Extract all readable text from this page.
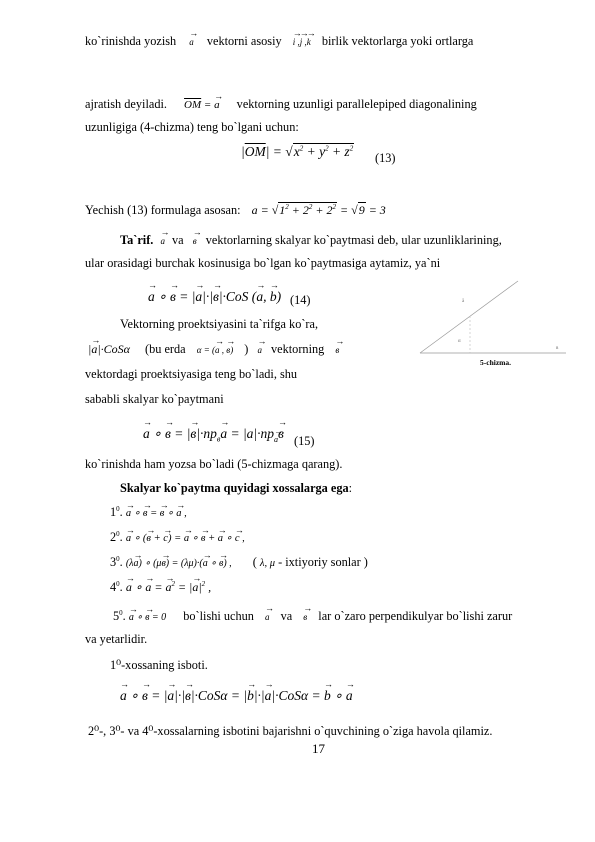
ko`rinishda yozish → a vektorni asosiy → i ,→ j ,→ k birlik vektorlarga yoki ortlarga
ajratish deyiladi. $\overline{OM}$ = → a vektorning uzunligi parallelepiped diagonalining
uzunligiga (4-chizma) teng bo`lgani uchun:
$|\overline{OM}| = √x^2 + y^2 + z^2$
(13)
Yechish (13) formulaga asosan: $a = √1^2 + 2^2 + 2^2 = √9 = 3$
Ta`rif. → a va → в vektorlarning skalyar ko`paytmasi deb, ular uzunliklarining,
ular orasidagi burchak kosinusiga bo`lgan ko`paytmasiga aytamiz, ya`ni
→ a ∘ → в = |→ a|·|→ в|·CoS (→ a, → b) (14)
Vektorning proektsiyasini ta`rifga ko`ra,
|→ a|·CoSα (bu erda α = (→ a , → в) ) → a vektorning → в
vektordagi proektsiyasiga teng bo`ladi, shu
sababli skalyar ko`paytmani
ā
α
в
5-chizma.
→ a ∘ → в = |→ $в|\cdot np_в\to a = |a|\cdot np\to _a\to в$ (15)
ko`rinishda ham yozsa bo`ladi (5-chizmaga qarang).
Skalyar ko`paytma quyidagi xossalarga ega:
$1^0$. → a ∘ → в = → в ∘ → a ,
$2^0$. → a ∘ (→ в + → c) = → a ∘ → в + → a ∘ → c ,
$3^0$. (λ→ a) ∘ (μ→ в) = (λμ)·(→ a ∘ → в) , ( λ, μ - ixtiyoriy sonlar )
$4^0$. → a ∘ → a = → $a^2$ = |→ $a|^2$ ,
$5^0$. → a ∘ → в = 0 bo`lishi uchun → a va → в lar o`zaro perpendikulyar bo`lishi zarur
va yetarlidir.
1⁰-xossaning isboti.
→ a ∘ → в = |→ a|·|→ в|·CoSα = |→ b|·|→ a|·CoSα = → b ∘ → a
2⁰-, 3⁰- va 4⁰-xossalarning isbotini bajarishni o`quvchining o`ziga havola qilamiz.
17
